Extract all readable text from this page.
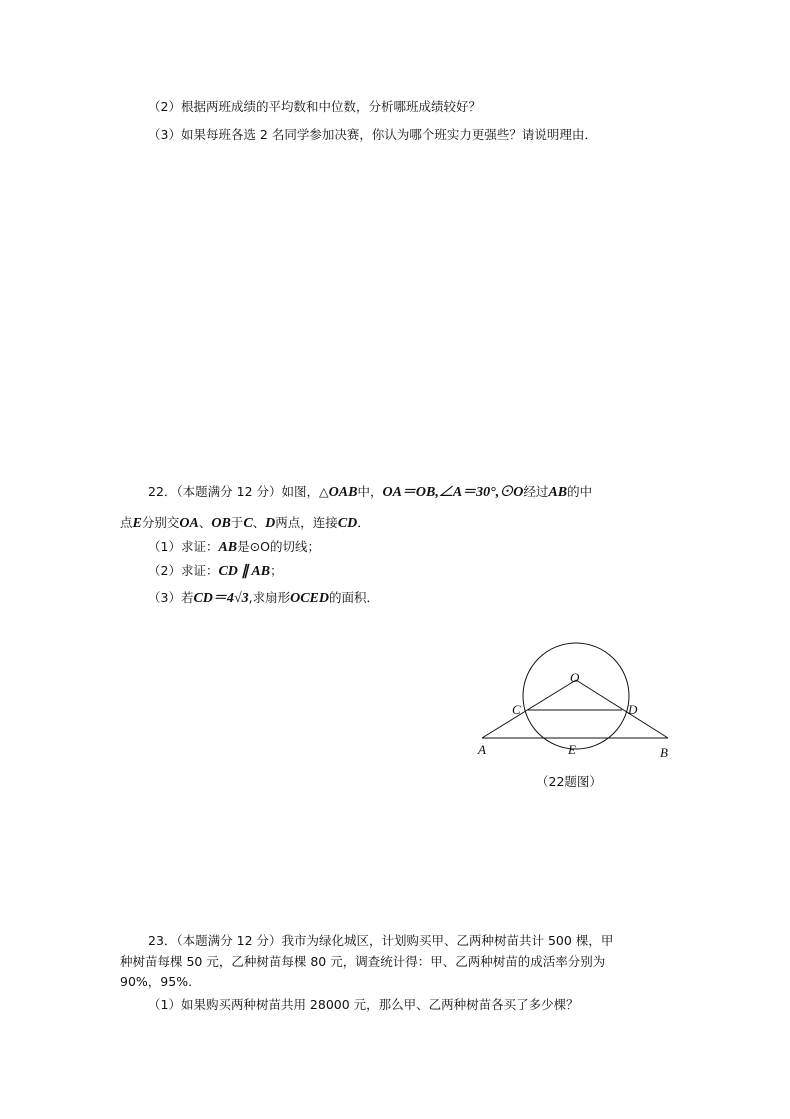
（2）根据两班成绩的平均数和中位数，分析哪班成绩较好？
（3）如果每班各选 2 名同学参加决赛，你认为哪个班实力更强些？请说明理由．
22．（本题满分 12 分）如图，△OAB中，OA＝OB,∠A＝30°,⊙O经过AB的中
点E分别交OA、OB于C、D两点，连接CD．
（1）求证：AB是⊙O的切线；
（2）求证：CD ∥ AB；
（3）若CD＝4√3,求扇形OCED的面积．
O
C	D
A	E	B
（22题图）
23．（本题满分 12 分）我市为绿化城区，计划购买甲、乙两种树苗共计 500 棵，甲
种树苗每棵 50 元，乙种树苗每棵 80 元，调查统计得：甲、乙两种树苗的成活率分别为
90%，95%．
（1）如果购买两种树苗共用 28000 元，那么甲、乙两种树苗各买了多少棵？
